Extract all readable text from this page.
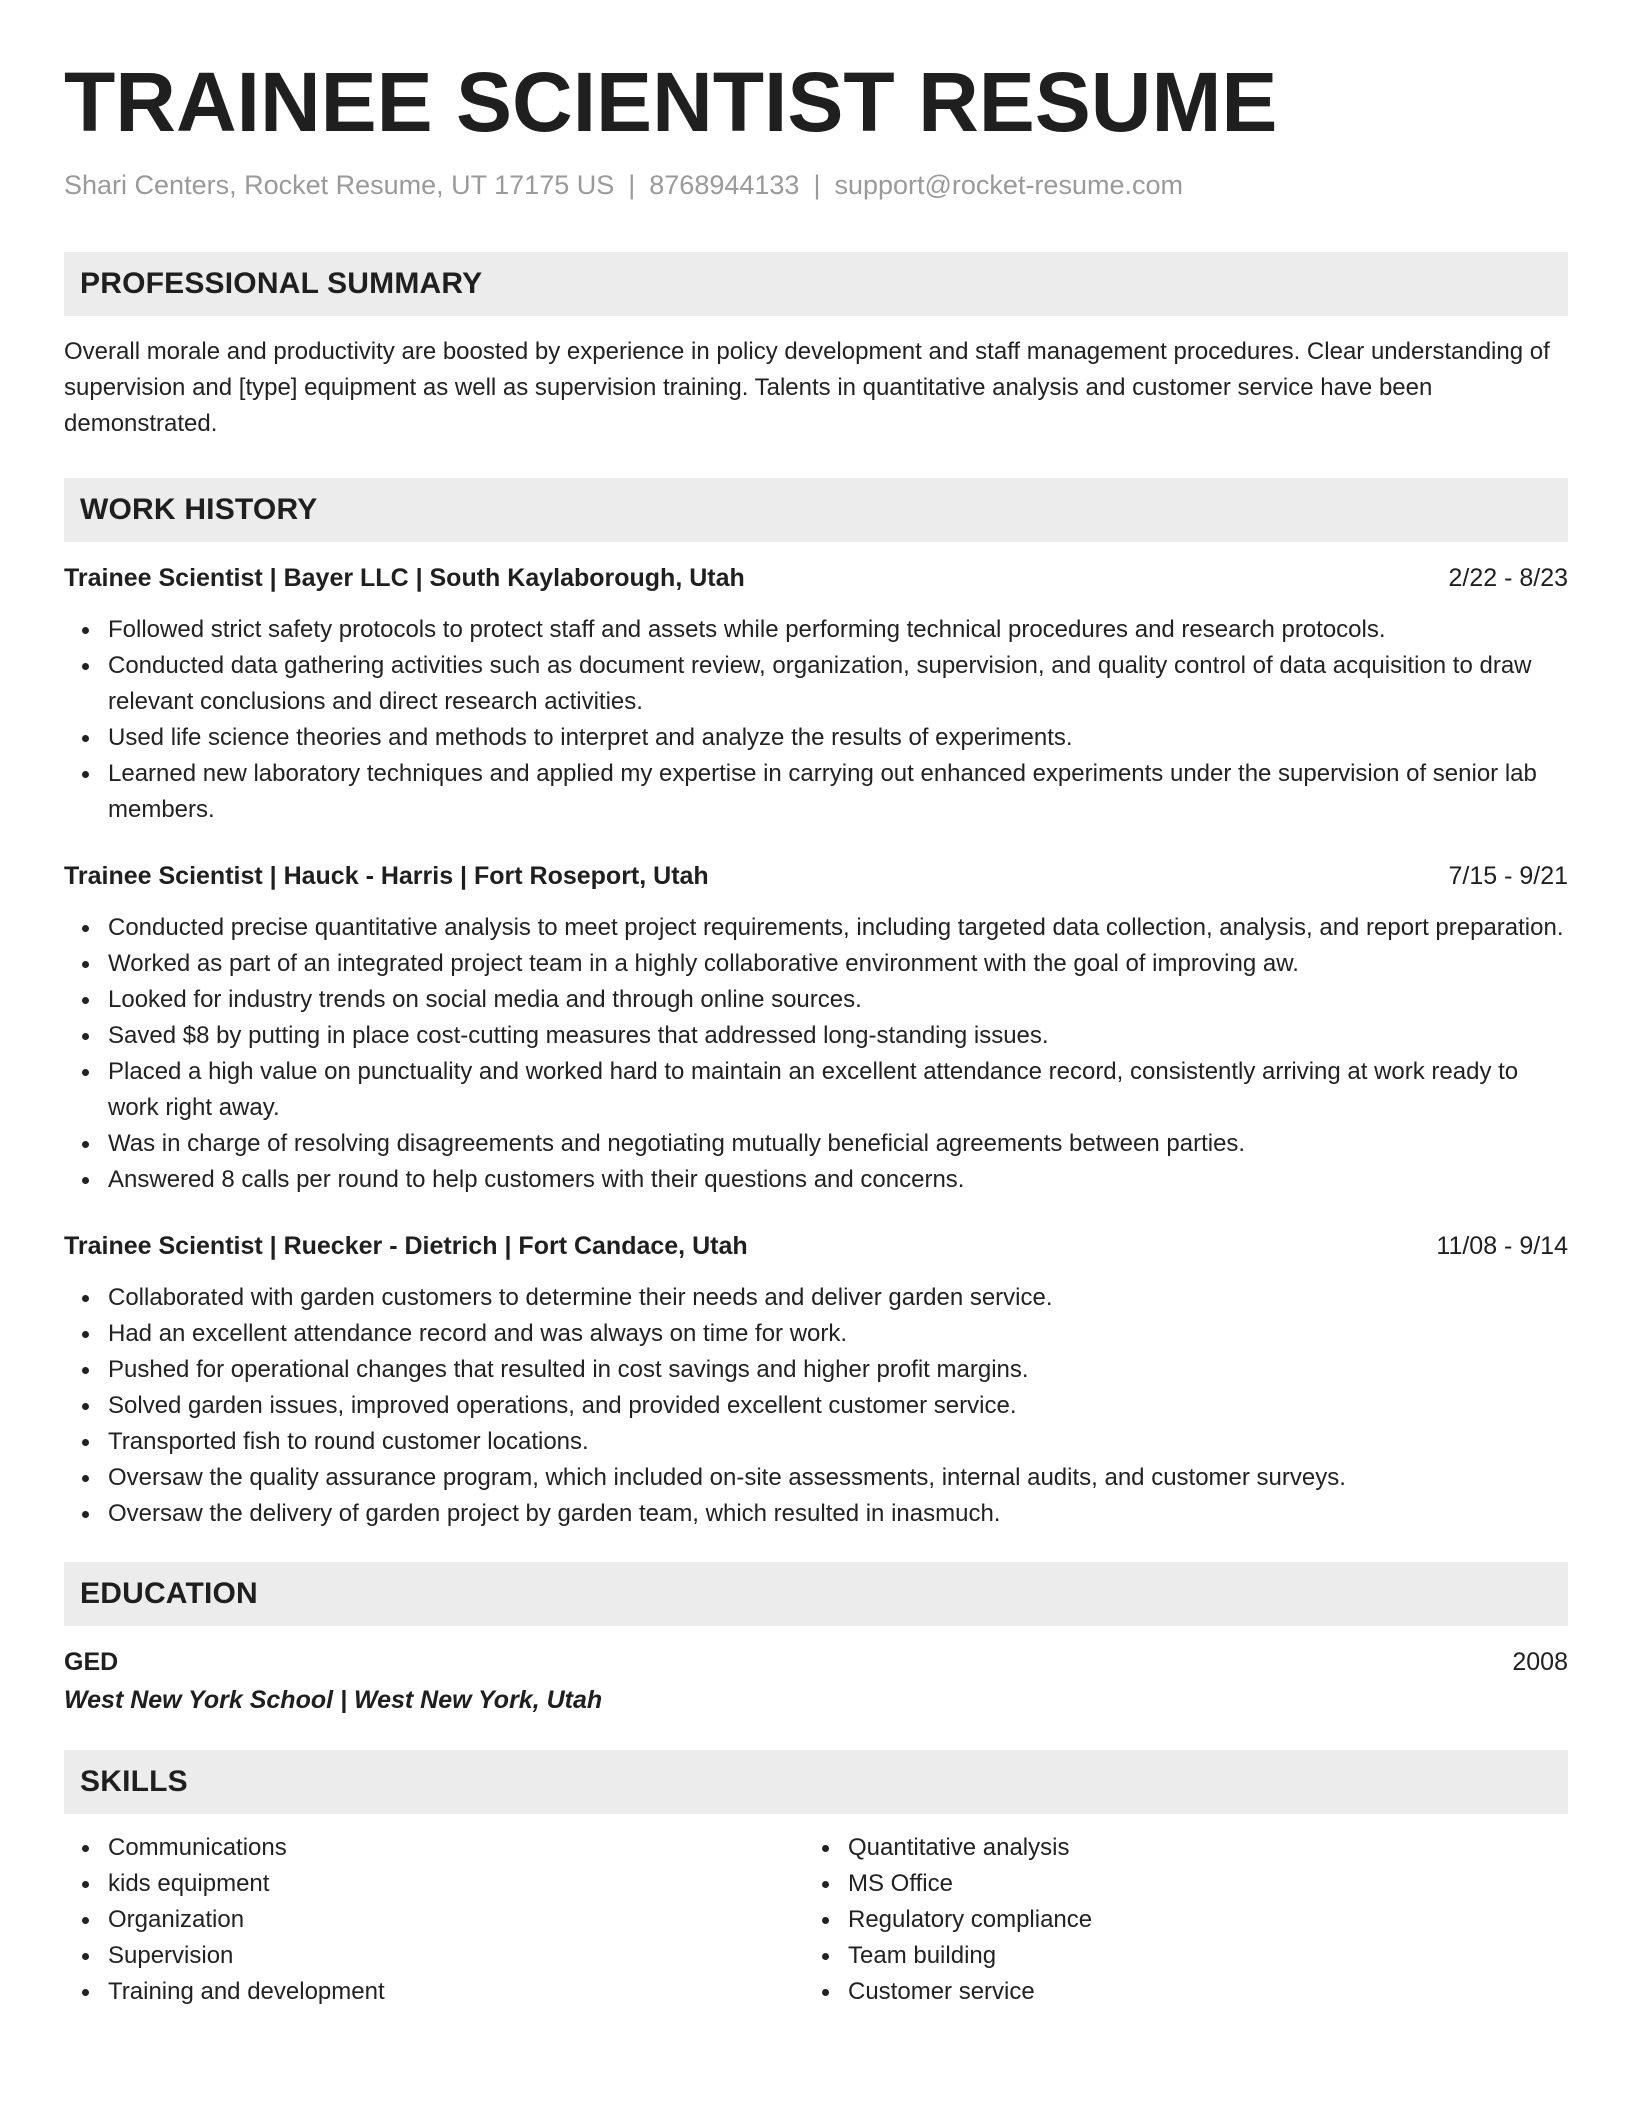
TRAINEE SCIENTIST RESUME
Shari Centers, Rocket Resume, UT 17175 US | 8768944133 | support@rocket-resume.com
PROFESSIONAL SUMMARY

Overall morale and productivity are boosted by experience in policy development and staff management procedures. Clear understanding of supervision and [type] equipment as well as supervision training. Talents in quantitative analysis and customer service have been demonstrated.

WORK HISTORY
Trainee Scientist | Bayer LLC | South Kaylaborough, Utah	2/22 - 8/23
Followed strict safety protocols to protect staff and assets while performing technical procedures and research protocols.
Conducted data gathering activities such as document review, organization, supervision, and quality control of data acquisition to draw relevant conclusions and direct research activities.
Used life science theories and methods to interpret and analyze the results of experiments.
Learned new laboratory techniques and applied my expertise in carrying out enhanced experiments under the supervision of senior lab members.
Trainee Scientist | Hauck - Harris | Fort Roseport, Utah	7/15 - 9/21
Conducted precise quantitative analysis to meet project requirements, including targeted data collection, analysis, and report preparation.
Worked as part of an integrated project team in a highly collaborative environment with the goal of improving aw.
Looked for industry trends on social media and through online sources.
Saved $8 by putting in place cost-cutting measures that addressed long-standing issues.
Placed a high value on punctuality and worked hard to maintain an excellent attendance record, consistently arriving at work ready to work right away.
Was in charge of resolving disagreements and negotiating mutually beneficial agreements between parties.
Answered 8 calls per round to help customers with their questions and concerns.
Trainee Scientist | Ruecker - Dietrich | Fort Candace, Utah	11/08 - 9/14
Collaborated with garden customers to determine their needs and deliver garden service.
Had an excellent attendance record and was always on time for work.
Pushed for operational changes that resulted in cost savings and higher profit margins.
Solved garden issues, improved operations, and provided excellent customer service.
Transported fish to round customer locations.
Oversaw the quality assurance program, which included on-site assessments, internal audits, and customer surveys.
Oversaw the delivery of garden project by garden team, which resulted in inasmuch.
EDUCATION
GED	2008
West New York School | West New York, Utah
SKILLS
Communications
kids equipment
Organization
Supervision
Training and development
Quantitative analysis
MS Office
Regulatory compliance
Team building
Customer service
